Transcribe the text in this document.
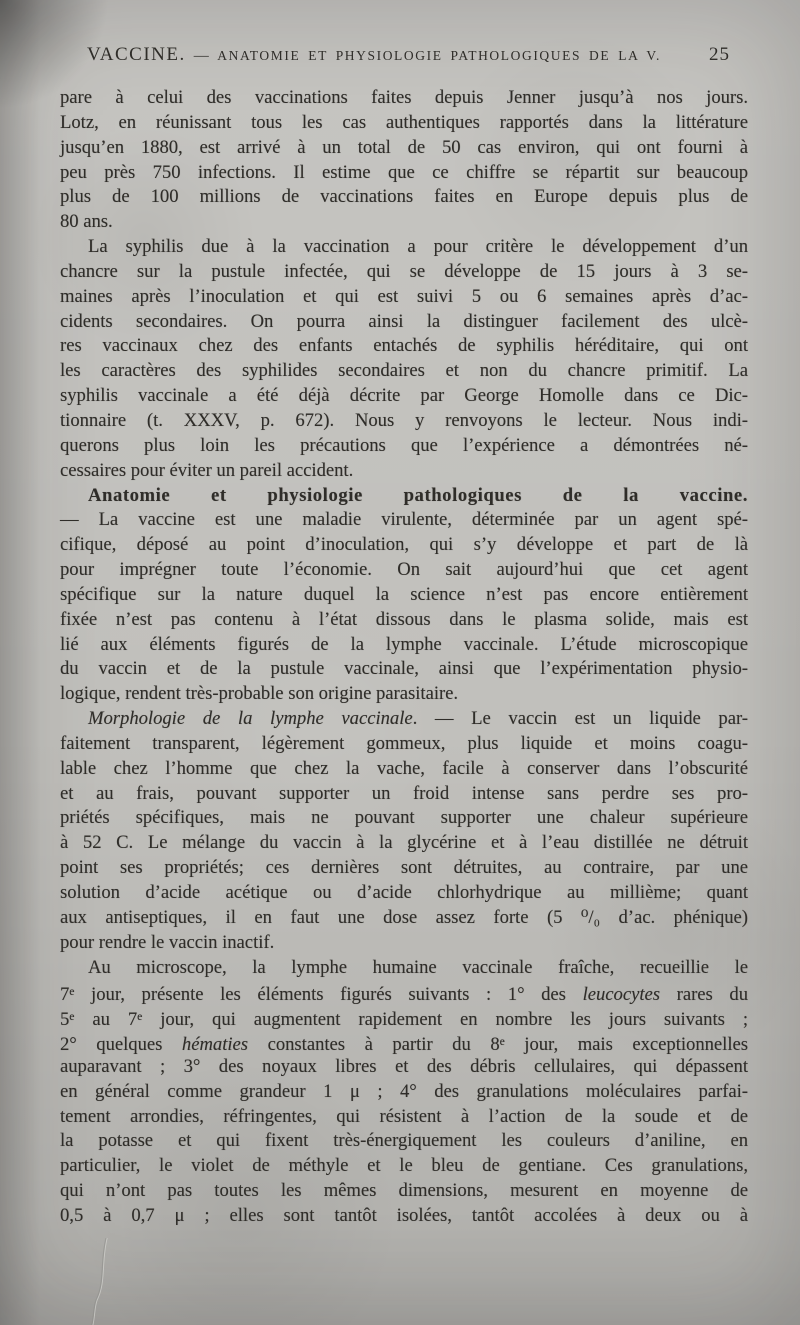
VACCINE. — ANATOMIE ET PHYSIOLOGIE PATHOLOGIQUES DE LA V.	25
pare à celui des vaccinations faites depuis Jenner jusqu’à nos jours.
Lotz, en réunissant tous les cas authentiques rapportés dans la littérature
jusqu’en 1880, est arrivé à un total de 50 cas environ, qui ont fourni à
peu près 750 infections. Il estime que ce chiffre se répartit sur beaucoup
plus de 100 millions de vaccinations faites en Europe depuis plus de
80 ans.
La syphilis due à la vaccination a pour critère le développement d’un
chancre sur la pustule infectée, qui se développe de 15 jours à 3 se-
maines après l’inoculation et qui est suivi 5 ou 6 semaines après d’ac-
cidents secondaires. On pourra ainsi la distinguer facilement des ulcè-
res vaccinaux chez des enfants entachés de syphilis héréditaire, qui ont
les caractères des syphilides secondaires et non du chancre primitif. La
syphilis vaccinale a été déjà décrite par George Homolle dans ce Dic-
tionnaire (t. XXXV, p. 672). Nous y renvoyons le lecteur. Nous indi-
querons plus loin les précautions que l’expérience a démontrées né-
cessaires pour éviter un pareil accident.
Anatomie et physiologie pathologiques de la vaccine.
— La vaccine est une maladie virulente, déterminée par un agent spé-
cifique, déposé au point d’inoculation, qui s’y développe et part de là
pour imprégner toute l’économie. On sait aujourd’hui que cet agent
spécifique sur la nature duquel la science n’est pas encore entièrement
fixée n’est pas contenu à l’état dissous dans le plasma solide, mais est
lié aux éléments figurés de la lymphe vaccinale. L’étude microscopique
du vaccin et de la pustule vaccinale, ainsi que l’expérimentation physio-
logique, rendent très-probable son origine parasitaire.
Morphologie de la lymphe vaccinale. — Le vaccin est un liquide par-
faitement transparent, légèrement gommeux, plus liquide et moins coagu-
lable chez l’homme que chez la vache, facile à conserver dans l’obscurité
et au frais, pouvant supporter un froid intense sans perdre ses pro-
priétés spécifiques, mais ne pouvant supporter une chaleur supérieure
à 52 C. Le mélange du vaccin à la glycérine et à l’eau distillée ne détruit
point ses propriétés; ces dernières sont détruites, au contraire, par une
solution d’acide acétique ou d’acide chlorhydrique au millième; quant
aux antiseptiques, il en faut une dose assez forte (5 ⁰/₀ d’ac. phénique)
pour rendre le vaccin inactif.
Au microscope, la lymphe humaine vaccinale fraîche, recueillie le
7e jour, présente les éléments figurés suivants : 1° des leucocytes rares du
5e au 7e jour, qui augmentent rapidement en nombre les jours suivants ;
2° quelques hématies constantes à partir du 8e jour, mais exceptionnelles
auparavant ; 3° des noyaux libres et des débris cellulaires, qui dépassent
en général comme grandeur 1 μ ; 4° des granulations moléculaires parfai-
tement arrondies, réfringentes, qui résistent à l’action de la soude et de
la potasse et qui fixent très-énergiquement les couleurs d’aniline, en
particulier, le violet de méthyle et le bleu de gentiane. Ces granulations,
qui n’ont pas toutes les mêmes dimensions, mesurent en moyenne de
0,5 à 0,7 μ ; elles sont tantôt isolées, tantôt accolées à deux ou à
